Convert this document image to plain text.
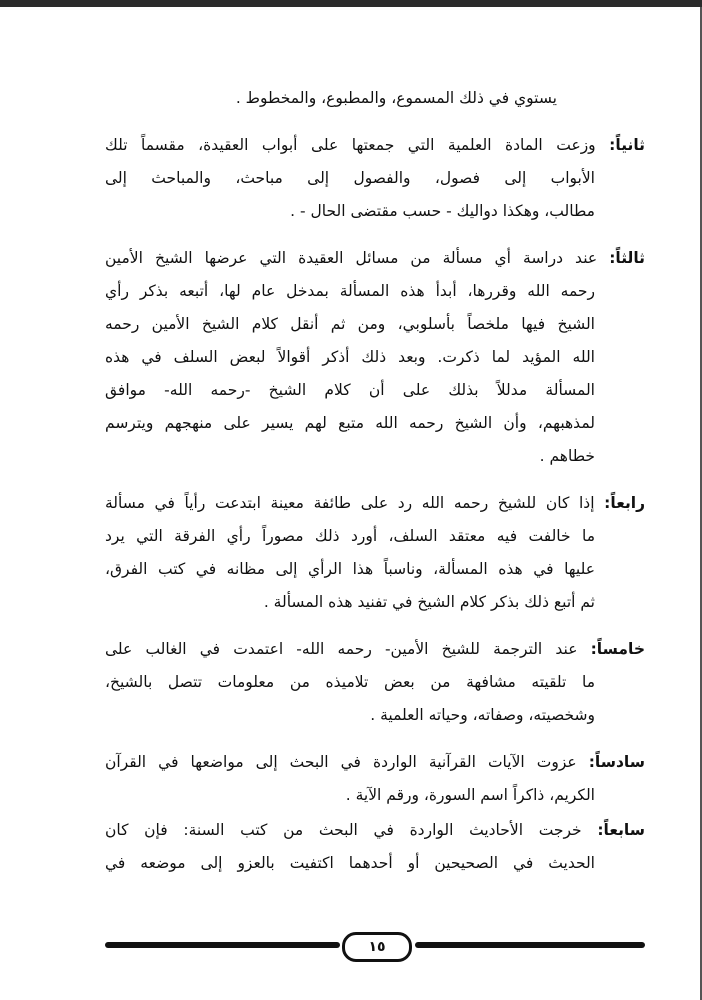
يستوي في ذلك المسموع، والمطبوع، والمخطوط .
ثانياً: وزعت المادة العلمية التي جمعتها على أبواب العقيدة، مقسماً تلك
الأبواب إلى فصول، والفصول إلى مباحث، والمباحث إلى
مطالب، وهكذا دواليك - حسب مقتضى الحال - .
ثالثاً: عند دراسة أي مسألة من مسائل العقيدة التي عرضها الشيخ الأمين
رحمه الله وقررها، أبدأ هذه المسألة بمدخل عام لها، أتبعه بذكر رأي
الشيخ فيها ملخصاً بأسلوبي، ومن ثم أنقل كلام الشيخ الأمين رحمه
الله المؤيد لما ذكرت. وبعد ذلك أذكر أقوالاً لبعض السلف في هذه
المسألة مدللاً بذلك على أن كلام الشيخ -رحمه الله- موافق
لمذهبهم، وأن الشيخ رحمه الله متبع لهم يسير على منهجهم ويترسم
خطاهم .
رابعاً: إذا كان للشيخ رحمه الله رد على طائفة معينة ابتدعت رأياً في مسألة
ما خالفت فيه معتقد السلف، أورد ذلك مصوراً رأي الفرقة التي يرد
عليها في هذه المسألة، وناسباً هذا الرأي إلى مظانه في كتب الفرق،
ثم أتبع ذلك بذكر كلام الشيخ في تفنيد هذه المسألة .
خامساً: عند الترجمة للشيخ الأمين- رحمه الله- اعتمدت في الغالب على
ما تلقيته مشافهة من بعض تلاميذه من معلومات تتصل بالشيخ،
وشخصيته، وصفاته، وحياته العلمية .
سادساً: عزوت الآيات القرآنية الواردة في البحث إلى مواضعها في القرآن
الكريم، ذاكراً اسم السورة، ورقم الآية .
سابعاً: خرجت الأحاديث الواردة في البحث من كتب السنة: فإن كان
الحديث في الصحيحين أو أحدهما اكتفيت بالعزو إلى موضعه في
١٥
